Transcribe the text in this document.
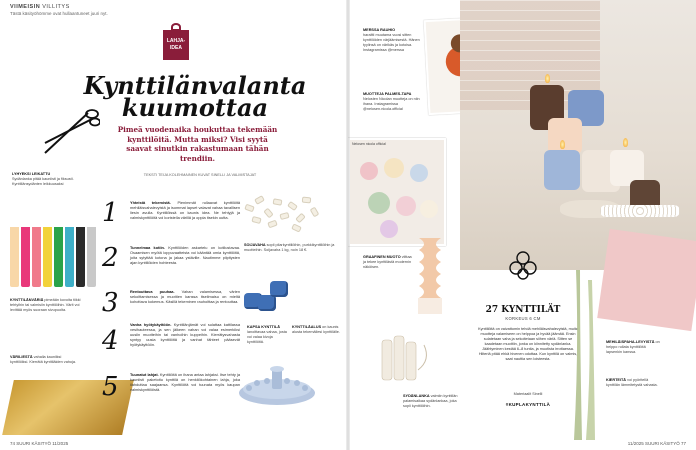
VIIMEISIN VILLITYS
Tästä käsityöhömme ovat hullaantuneet juuri nyt.
LAHJA- IDEA
Kynttilänvalanta kuumottaa
Pimeä vuodenaika houkuttaa tekemään kynttilöitä. Mutta miksi? Visi syytä saavat sinutkin rakastumaan tähän trendiin.
TEKSTI TEIJA KOLEHMAINEN KUVAT SINELLI JA VALMISTAJAT
LYHYEKSI LEIKATTU
Sydänlanka pitää kauniisti ja fiksusti. Kynttilänsydänten leikkuusaksi
KYNTTILÄNVÄRIÄ pimeään kovoita tiikki tehtyihin tai valmisiin kynttilöihin. Värit voi levittää myös suoraan sivupuolta.
VÄRILIESTÄ vahalla kauniiksi kynttilöiksi. Kierrätä kynttiläiden vahoja.
1
2
3
4
5
Yhteistä tekemistä. Pienimmät rullaavat kynttilöitä mehiläisvahalevyistä ja isommat lapset valavat vahaa tavallisen liesin avulla. Kynttilöissä on kaunis idea. Ne tehtyjä ja valmiskynttilöitä voi koristella värillä ja oppia itsekin uutta.
Tunnelmaa kotiin. Kynttilöiden askartelu on kotilustavaa. Osaamisen myötä loppuvaatteista voi kääntää omia kynttilöitä, joita sytyttää kotona ja jakaa ystäville. Nautimme piipitysten ajan kynttilöiden hohteesta.
Rentouttava puuhaa. Vahan valamisessa, värien sekoittamisessa ja muottien kanssa itseilmaisu on mieltä kohottava kokemus. Käsillä tekeminen rauhoittaa ja rentouttaa.
Vanha hyötykäyttöön. Kynttilänjämät voi sulattaa kattilassa vesihauteessa, ja sen jälkeen vahan voi valaa esimerkiksi uusiin muotteihin tai vanhoihin kuppeihin. Kierrätysvahasta syntyy uusia kynttilöitä ja vanhat tähteet pääsevät hyötykäyttöön.
Tuunatut lahjat. Kynttilöitä on ihana antaa lahjaksi. Itse tehty ja kauniisti paketoitu kynttilä on henkilökohtainen lahja, joka ilahduttaa saajaansa. Kynttilöitä voi tuunata myös kaupan valmiskynttilöistä.
SOIJAVAHA sopii pilarkynttilöihin, purkkikynttilöihin ja muotteihin. Soijavaha 1 kg, noin 18 €.
KAPSA KYNTTILÄ lanoittavaa vahaa, josta voi valaa kivoja kynttilöitä.
KYNTTILÄALUS on kaunis alusta tekemällesi kynttilälle.
74 SUURI KÄSITYÖ 11/2025
MERSSA RAUHIO
haraltti muutama vuosi sitten kynttilöiden värjäämisestä. Hänen tyylinsä on värikäs ja kotoisa. Instagramissa @merssa
MUOTTEJA PALMES-TAPA
Nelosten Nicolan muotteja on niin ihana. Instagramissa @nelosen.nicola.official
Nelosen nicola official
GRAAFINEN MUOTO viittaa ja tekee kynttilästä modernin näköisen.
27 KYNTTILÄT
KORKEUS 6 CM
Kynttilöitä on vaivattomin tehdä mehiläisvahalevyistä, muita muotteja valamiseen on helppoa ja hyvää jäämää. Ensin sulatetaan vaha ja sekoitetaan siihen väriä. Sitten se kaadetaan muottiin, jonka on kiinnitetty sydänlanka. Jäähtyminen kestää 6–8 tuntia, ja muotista irrottaessa. Hiiteriä pitää ehkä hivenen odottaa. Kun kynttilä on valmis, saat nauttia sen loisteesta.
Materiaalit Sinelli
#KUPLAKYNTTILÄ
SYDÄNLANKA valmiin kynttilän palamisaikaa sydänlankaa, joka sopii kynttilöihin.
MEHILÄISPAHA-LEVYISTÄ on helppo rullata kynttilöitä lapsenkin kanssa.
KIERTEITÄ voi pyöritellä kynttilän lämmitetystä vahasta.
11/2025 SUURI KÄSITYÖ 77
